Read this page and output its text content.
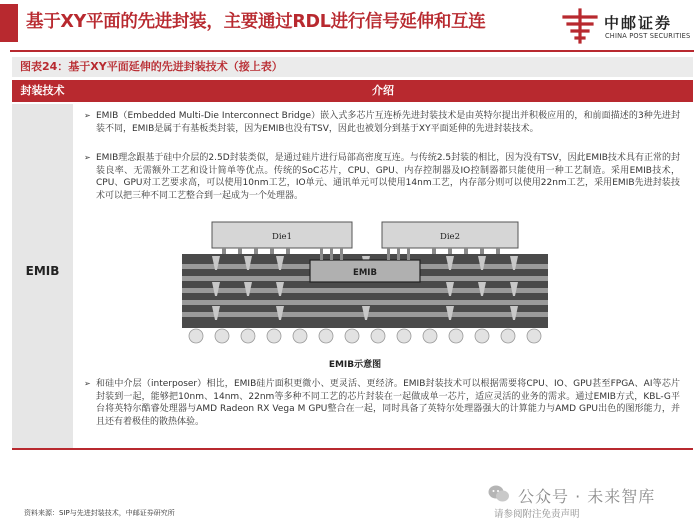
基于XY平面的先进封装，主要通过RDL进行信号延伸和互连	中邮证券
CHINA POST SECURITIES
图表24：基于XY平面延伸的先进封装技术（接上表）
封装技术	介绍
EMIB
➢ EMIB（Embedded Multi-Die Interconnect Bridge）嵌入式多芯片互连桥先进封装技术是由英特尔提出并积极应用的，和前面描述的3种先进封装不同，EMIB是属于有基板类封装，因为EMIB也没有TSV，因此也被划分到基于XY平面延伸的先进封装技术。
➢ EMIB理念跟基于硅中介层的2.5D封装类似，是通过硅片进行局部高密度互连。与传统2.5封装的相比，因为没有TSV，因此EMIB技术具有正常的封装良率、无需额外工艺和设计简单等优点。传统的SoC芯片，CPU、GPU、内存控制器及IO控制器都只能使用一种工艺制造。采用EMIB技术，CPU、GPU对工艺要求高，可以使用10nm工艺，IO单元、通讯单元可以使用14nm工艺，内存部分则可以使用22nm工艺，采用EMIB先进封装技术可以把三种不同工艺整合到一起成为一个处理器。
EMIB
Die1	Die2
EMIB示意图
➢ 和硅中介层（interposer）相比，EMIB硅片面积更微小、更灵活、更经济。EMIB封装技术可以根据需要将CPU、IO、GPU甚至FPGA、AI等芯片封装到一起，能够把10nm、14nm、22nm等多种不同工艺的芯片封装在一起做成单一芯片，适应灵活的业务的需求。通过EMIB方式，KBL-G平台将英特尔酷睿处理器与AMD Radeon RX Vega M GPU整合在一起，同时具备了英特尔处理器强大的计算能力与AMD GPU出色的图形能力，并且还有着极佳的散热体验。
资料来源：SIP与先进封装技术，中邮证券研究所
公众号 · 未来智库
请参阅附注免责声明
